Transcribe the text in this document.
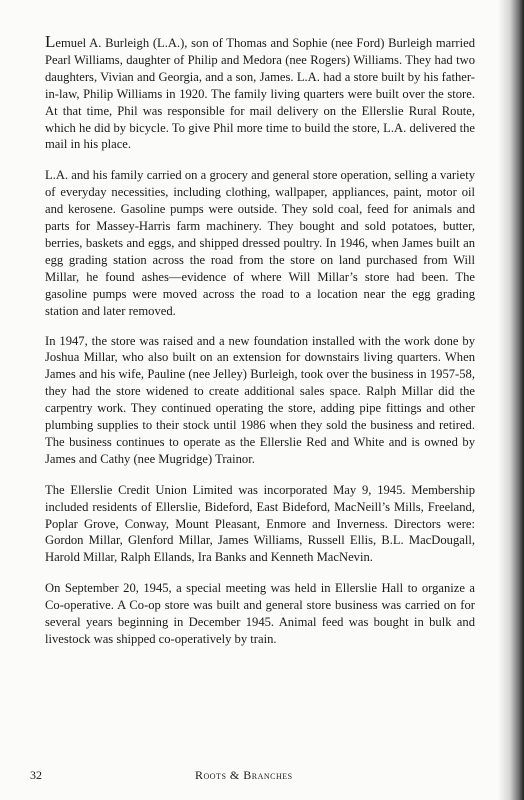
Lemuel A. Burleigh (L.A.), son of Thomas and Sophie (nee Ford) Burleigh married Pearl Williams, daughter of Philip and Medora (nee Rogers) Williams. They had two daughters, Vivian and Georgia, and a son, James. L.A. had a store built by his father-in-law, Philip Williams in 1920. The family living quarters were built over the store. At that time, Phil was responsible for mail delivery on the Ellerslie Rural Route, which he did by bicycle. To give Phil more time to build the store, L.A. delivered the mail in his place.

L.A. and his family carried on a grocery and general store operation, selling a variety of everyday necessities, including clothing, wallpaper, appliances, paint, motor oil and kerosene. Gasoline pumps were outside. They sold coal, feed for animals and parts for Massey-Harris farm machinery. They bought and sold potatoes, butter, berries, baskets and eggs, and shipped dressed poultry. In 1946, when James built an egg grading station across the road from the store on land purchased from Will Millar, he found ashes—evidence of where Will Millar’s store had been. The gasoline pumps were moved across the road to a location near the egg grading station and later removed.

In 1947, the store was raised and a new foundation installed with the work done by Joshua Millar, who also built on an extension for downstairs living quarters. When James and his wife, Pauline (nee Jelley) Burleigh, took over the business in 1957-58, they had the store widened to create additional sales space. Ralph Millar did the carpentry work. They continued operating the store, adding pipe fittings and other plumbing supplies to their stock until 1986 when they sold the business and retired. The business continues to operate as the Ellerslie Red and White and is owned by James and Cathy (nee Mugridge) Trainor.

The Ellerslie Credit Union Limited was incorporated May 9, 1945. Membership included residents of Ellerslie, Bideford, East Bideford, MacNeill’s Mills, Freeland, Poplar Grove, Conway, Mount Pleasant, Enmore and Inverness. Directors were: Gordon Millar, Glenford Millar, James Williams, Russell Ellis, B.L. MacDougall, Harold Millar, Ralph Ellands, Ira Banks and Kenneth MacNevin.

On September 20, 1945, a special meeting was held in Ellerslie Hall to organize a Co-operative. A Co-op store was built and general store business was carried on for several years beginning in December 1945. Animal feed was bought in bulk and livestock was shipped co-operatively by train.

32	Roots & Branches
